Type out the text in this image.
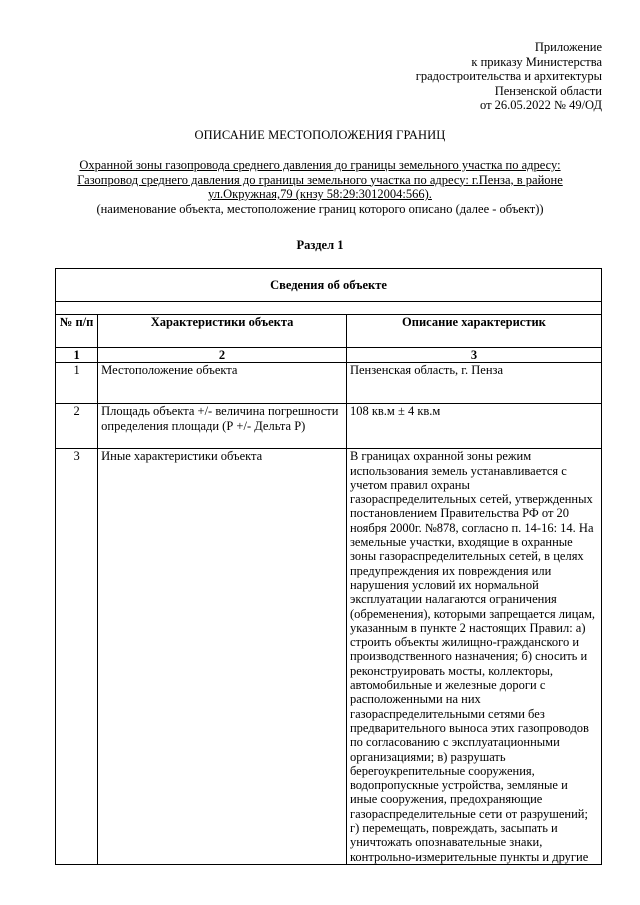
Приложение
к приказу Министерства
градостроительства и архитектуры
Пензенской области
от 26.05.2022 № 49/ОД
ОПИСАНИЕ МЕСТОПОЛОЖЕНИЯ ГРАНИЦ
Охранной зоны газопровода среднего давления до границы земельного участка по адресу:
Газопровод среднего давления до границы земельного участка по адресу: г.Пенза, в районе
ул.Окружная,79 (кнзу 58:29:3012004:566).
(наименование объекта, местоположение границ которого описано (далее - объект))
Раздел 1
Сведения об объекте		

№ п/п	Характеристики объекта	Описание характеристик
1	2	3
1	Местоположение объекта	Пензенская область, г. Пенза
2	Площадь объекта +/- величина погрешности определения площади (Р +/- Дельта Р)	108 кв.м ± 4 кв.м
3	Иные характеристики объекта	В границах охранной зоны режим использования земель устанавливается с учетом правил охраны газораспределительных сетей, утвержденных постановлением Правительства РФ от 20 ноября 2000г. №878, согласно п. 14-16: 14. На земельные участки, входящие в охранные зоны газораспределительных сетей, в целях предупреждения их повреждения или нарушения условий их нормальной эксплуатации налагаются ограничения (обременения), которыми запрещается лицам, указанным в пункте 2 настоящих Правил: а) строить объекты жилищно-гражданского и производственного назначения; б) сносить и реконструировать мосты, коллекторы, автомобильные и железные дороги с расположенными на них газораспределительными сетями без предварительного выноса этих газопроводов по согласованию с эксплуатационными организациями; в) разрушать берегоукрепительные сооружения, водопропускные устройства, земляные и иные сооружения, предохраняющие газораспределительные сети от разрушений; г) перемещать, повреждать, засыпать и уничтожать опознавательные знаки, контрольно-измерительные пункты и другие
